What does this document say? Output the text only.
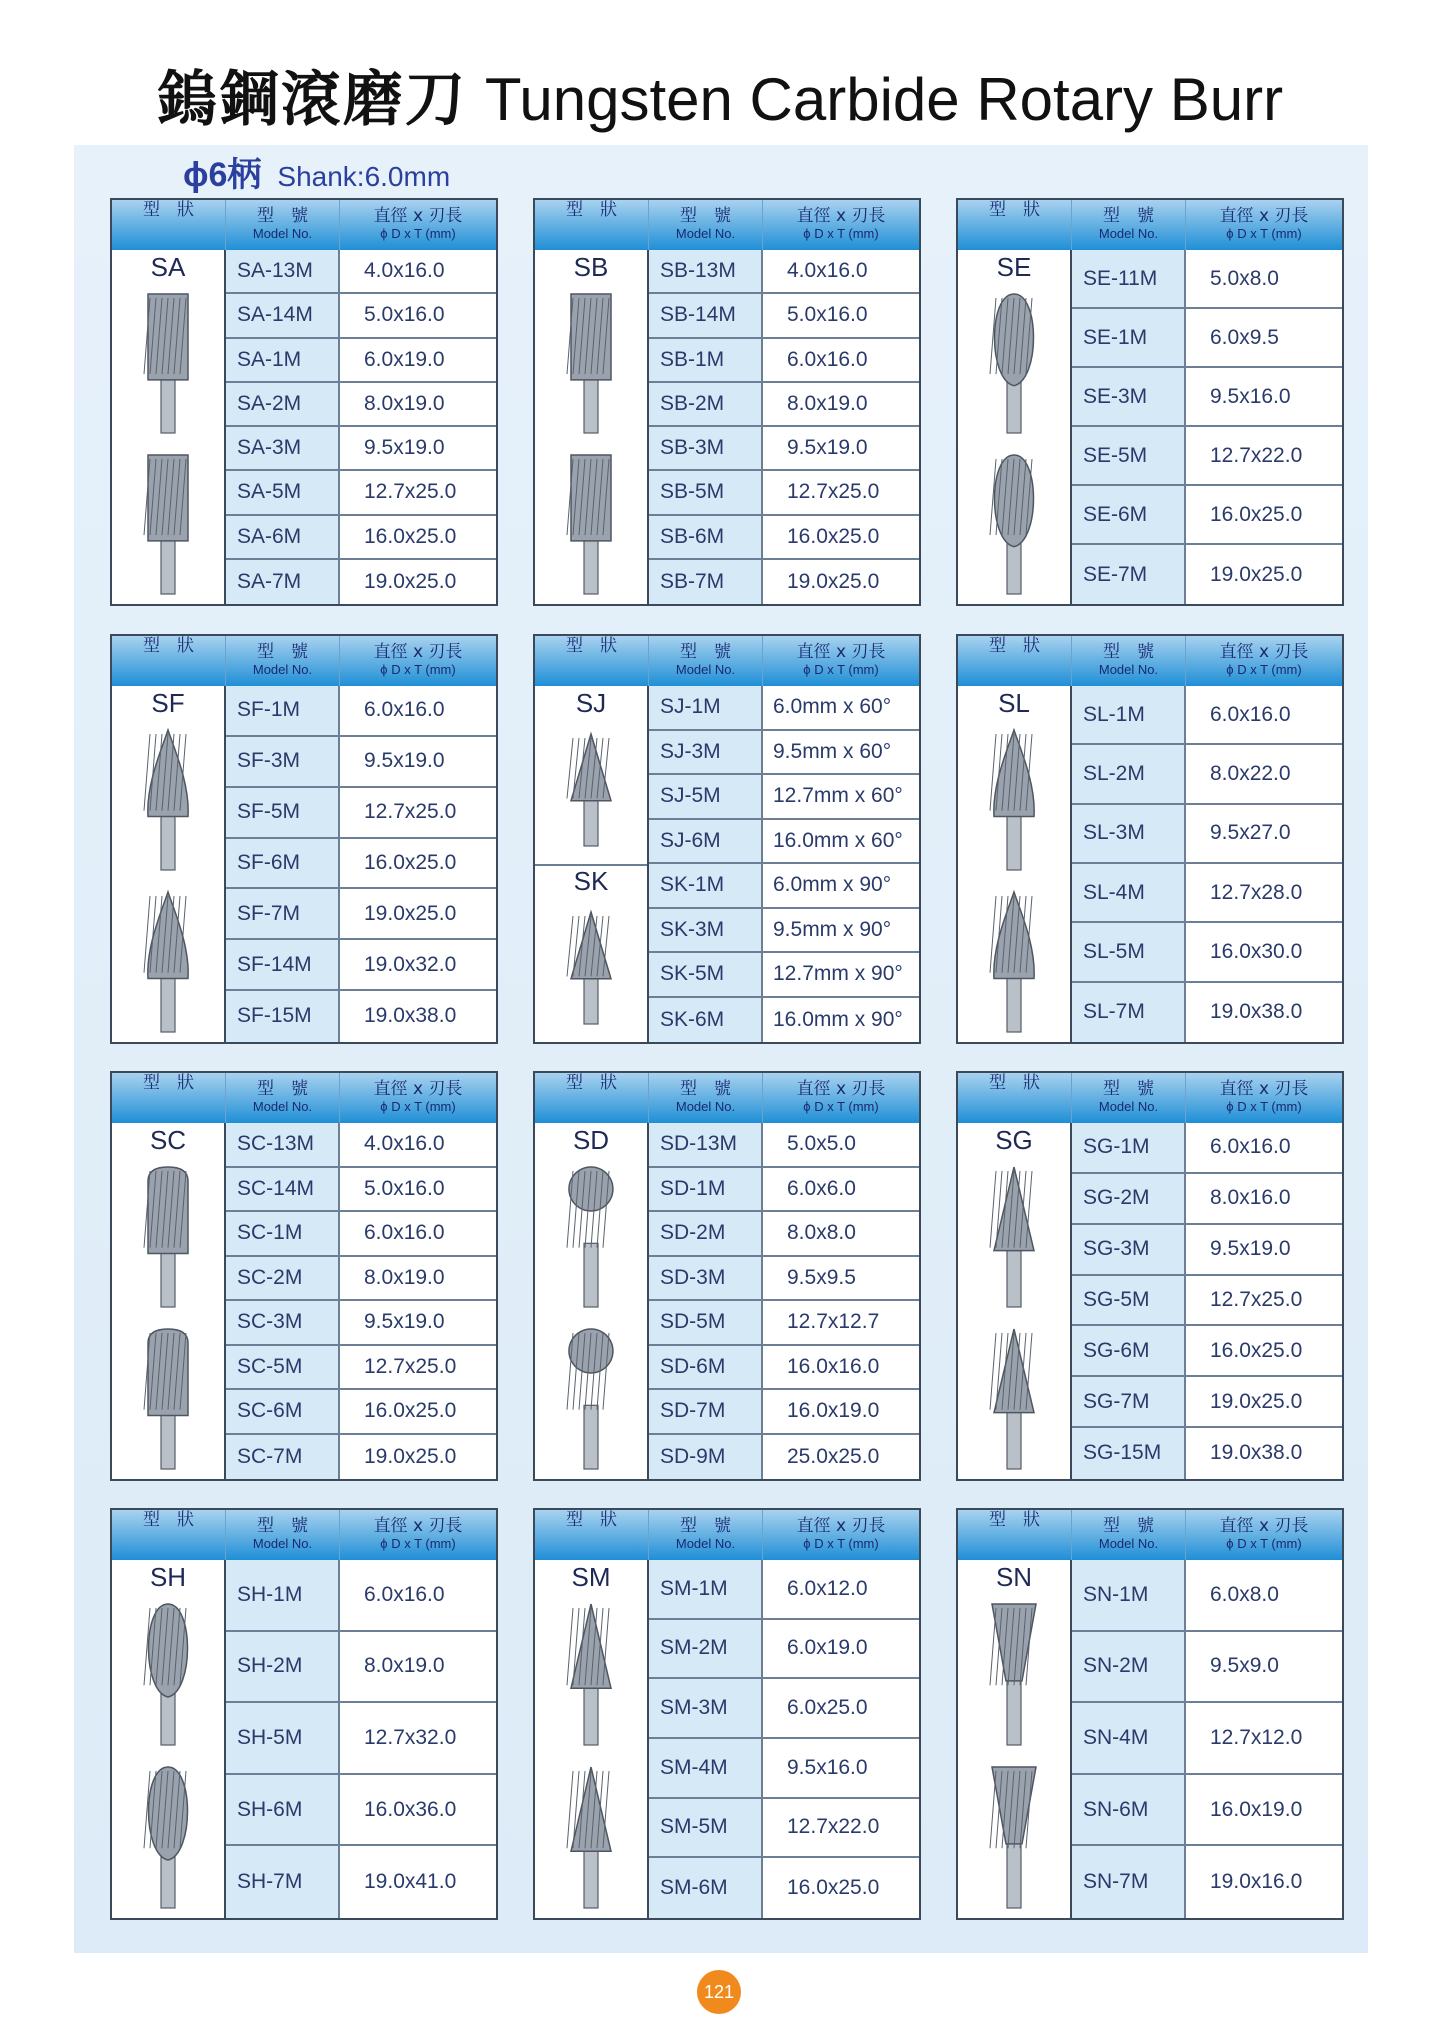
鎢鋼滾磨刀 Tungsten Carbide Rotary Burr
ϕ6柄 Shank:6.0mm
型　狀	型　號
Model No.
直徑 x 刃長
ϕ D x T (mm)
SA	SA-13M	4.0x16.0
SA-14M	5.0x16.0
SA-1M	6.0x19.0
SA-2M	8.0x19.0
SA-3M	9.5x19.0
SA-5M	12.7x25.0
SA-6M	16.0x25.0
SA-7M	19.0x25.0
型　狀	型　號
Model No.
直徑 x 刃長
ϕ D x T (mm)
SB	SB-13M	4.0x16.0
SB-14M	5.0x16.0
SB-1M	6.0x16.0
SB-2M	8.0x19.0
SB-3M	9.5x19.0
SB-5M	12.7x25.0
SB-6M	16.0x25.0
SB-7M	19.0x25.0
型　狀	型　號
Model No.
直徑 x 刃長
ϕ D x T (mm)
SE	SE-11M	5.0x8.0
SE-1M	6.0x9.5
SE-3M	9.5x16.0
SE-5M	12.7x22.0
SE-6M	16.0x25.0
SE-7M	19.0x25.0
型　狀	型　號
Model No.
直徑 x 刃長
ϕ D x T (mm)
SF	SF-1M	6.0x16.0
SF-3M	9.5x19.0
SF-5M	12.7x25.0
SF-6M	16.0x25.0
SF-7M	19.0x25.0
SF-14M	19.0x32.0
SF-15M	19.0x38.0
型　狀	型　號
Model No.
直徑 x 刃長
ϕ D x T (mm)
SJ
SK
SJ-1M	6.0mm x 60°
SJ-3M	9.5mm x 60°
SJ-5M	12.7mm x 60°
SJ-6M	16.0mm x 60°
SK-1M	6.0mm x 90°
SK-3M	9.5mm x 90°
SK-5M	12.7mm x 90°
SK-6M	16.0mm x 90°
型　狀	型　號
Model No.
直徑 x 刃長
ϕ D x T (mm)
SL	SL-1M	6.0x16.0
SL-2M	8.0x22.0
SL-3M	9.5x27.0
SL-4M	12.7x28.0
SL-5M	16.0x30.0
SL-7M	19.0x38.0
型　狀	型　號
Model No.
直徑 x 刃長
ϕ D x T (mm)
SC	SC-13M	4.0x16.0
SC-14M	5.0x16.0
SC-1M	6.0x16.0
SC-2M	8.0x19.0
SC-3M	9.5x19.0
SC-5M	12.7x25.0
SC-6M	16.0x25.0
SC-7M	19.0x25.0
型　狀	型　號
Model No.
直徑 x 刃長
ϕ D x T (mm)
SD	SD-13M	5.0x5.0
SD-1M	6.0x6.0
SD-2M	8.0x8.0
SD-3M	9.5x9.5
SD-5M	12.7x12.7
SD-6M	16.0x16.0
SD-7M	16.0x19.0
SD-9M	25.0x25.0
型　狀	型　號
Model No.
直徑 x 刃長
ϕ D x T (mm)
SG	SG-1M	6.0x16.0
SG-2M	8.0x16.0
SG-3M	9.5x19.0
SG-5M	12.7x25.0
SG-6M	16.0x25.0
SG-7M	19.0x25.0
SG-15M	19.0x38.0
型　狀	型　號
Model No.
直徑 x 刃長
ϕ D x T (mm)
SH
SH-1M	6.0x16.0
SH-2M	8.0x19.0
SH-5M	12.7x32.0
SH-6M	16.0x36.0
SH-7M	19.0x41.0
型　狀	型　號
Model No.
直徑 x 刃長
ϕ D x T (mm)
SM	SM-1M	6.0x12.0
SM-2M	6.0x19.0
SM-3M	6.0x25.0
SM-4M	9.5x16.0
SM-5M	12.7x22.0
SM-6M	16.0x25.0
型　狀	型　號
Model No.
直徑 x 刃長
ϕ D x T (mm)
SN
SN-1M	6.0x8.0
SN-2M	9.5x9.0
SN-4M	12.7x12.0
SN-6M	16.0x19.0
SN-7M	19.0x16.0
121
